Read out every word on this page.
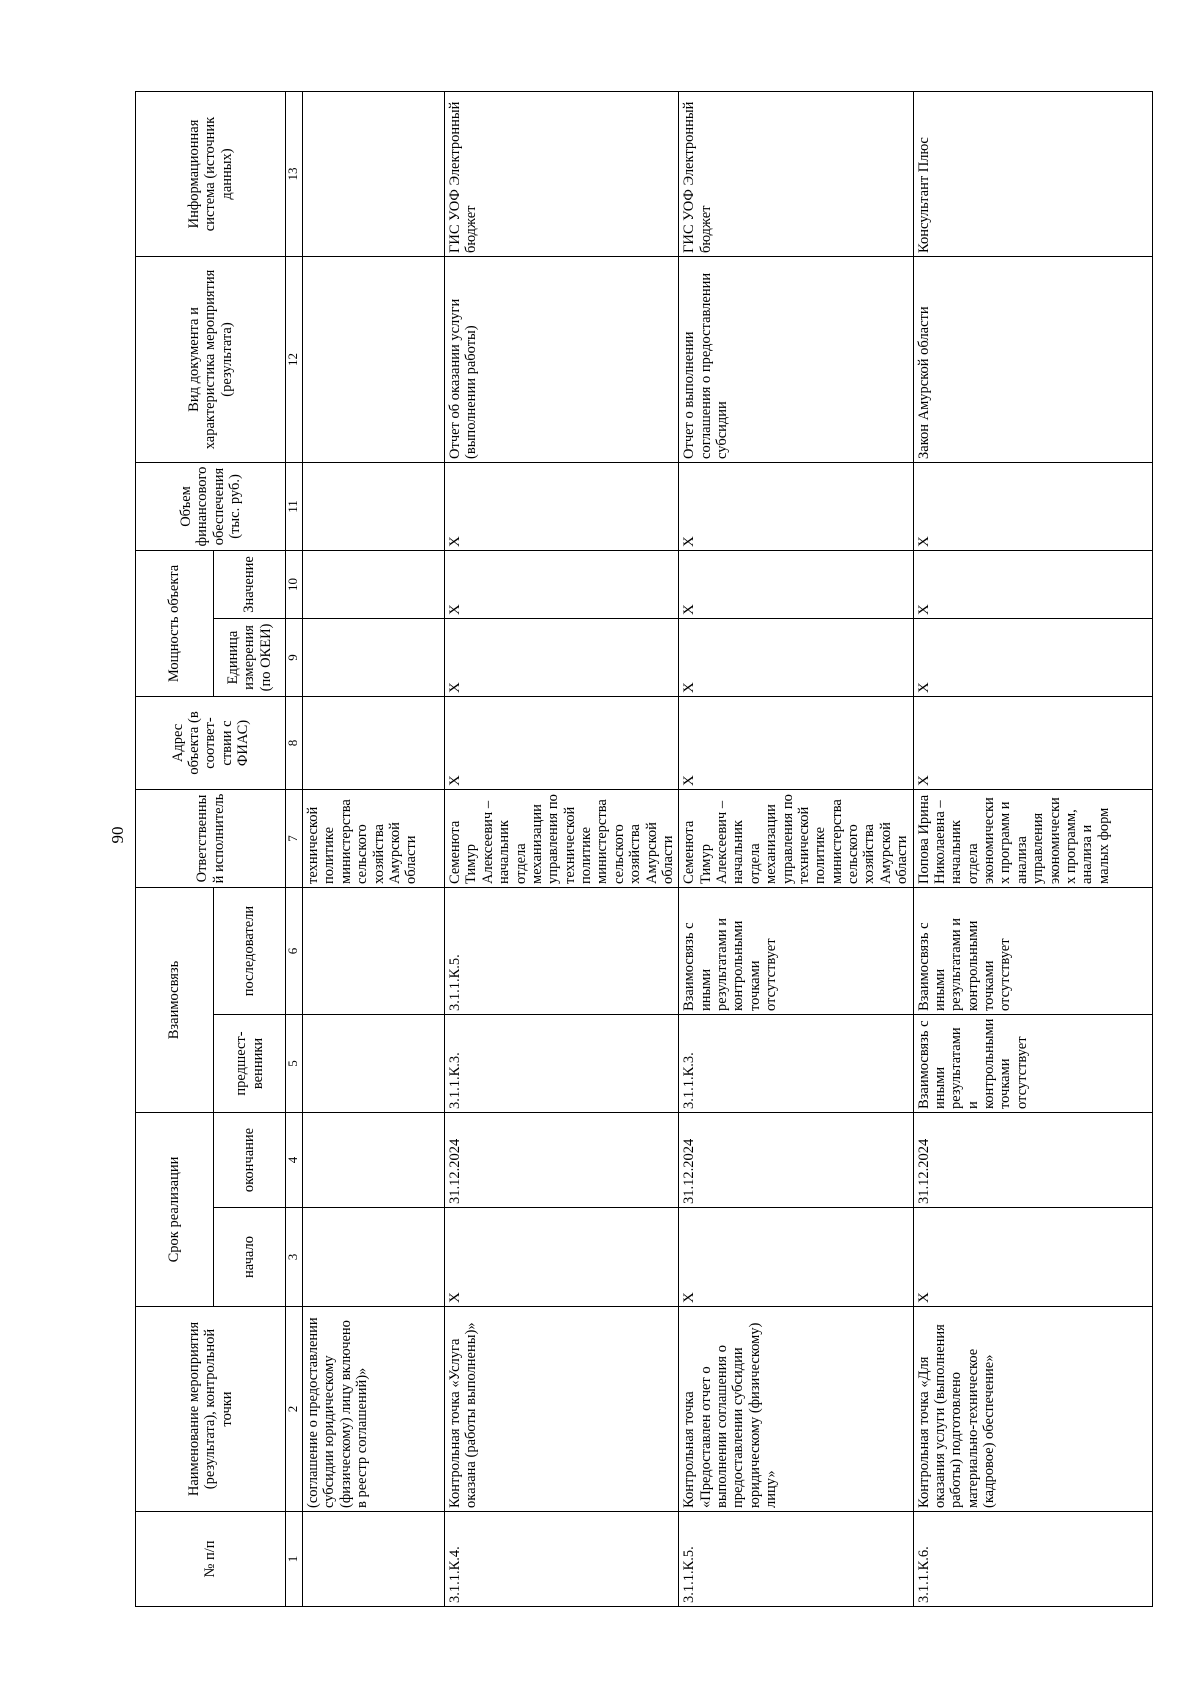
90
№ п/п	Наименование мероприятия (результата), контрольной точки	Срок реализации		Взаимосвязь		Ответственный исполнитель	Адрес объекта (в соответ-ствии с ФИАС)	Мощность объекта		Объем финансового обеспечения (тыс. руб.)	Вид документа и характеристика мероприятия (результата)	Информационная система (источник данных)
		начало	окончание	предшест-венники	последователи			Единица измерения (по ОКЕИ)	Значение			
1	2	3	4	5	6	7	8	9	10	11	12	13
	(соглашение о предоставлении субсидии юридическому (физическому) лицу включено в реестр соглашений)»					технической политике министерства сельского хозяйства Амурской области						
3.1.1.К.4.	Контрольная точка «Услуга оказана (работы выполнены)»	X	31.12.2024	3.1.1.К.3.	3.1.1.К.5.	Семенюта Тимур Алексеевич – начальник отдела механизации управления по технической политике министерства сельского хозяйства Амурской области	X	X	X	X	Отчет об оказании услуги (выполнении работы)	ГИС УОФ Электронный бюджет
3.1.1.К.5.	Контрольная точка «Предоставлен отчет о выполнении соглашения о предоставлении субсидии юридическому (физическому) лицу»	X	31.12.2024	3.1.1.К.3.	Взаимосвязь с иными результатами и контрольными точками отсутствует	Семенюта Тимур Алексеевич – начальник отдела механизации управления по технической политике министерства сельского хозяйства Амурской области	X	X	X	X	Отчет о выполнении соглашения о предоставлении субсидии	ГИС УОФ Электронный бюджет
3.1.1.К.6.	Контрольная точка «Для оказания услуги (выполнения работы) подготовлено материально-техническое (кадровое) обеспечение»	X	31.12.2024	Взаимосвязь с иными результатами и контрольными точками отсутствует	Взаимосвязь с иными результатами и контрольными точками отсутствует	Попова Ирина Николаевна – начальник отдела экономических программ и анализа управления экономических программ, анализа и малых форм	X	X	X	X	Закон Амурской области	Консультант Плюс
